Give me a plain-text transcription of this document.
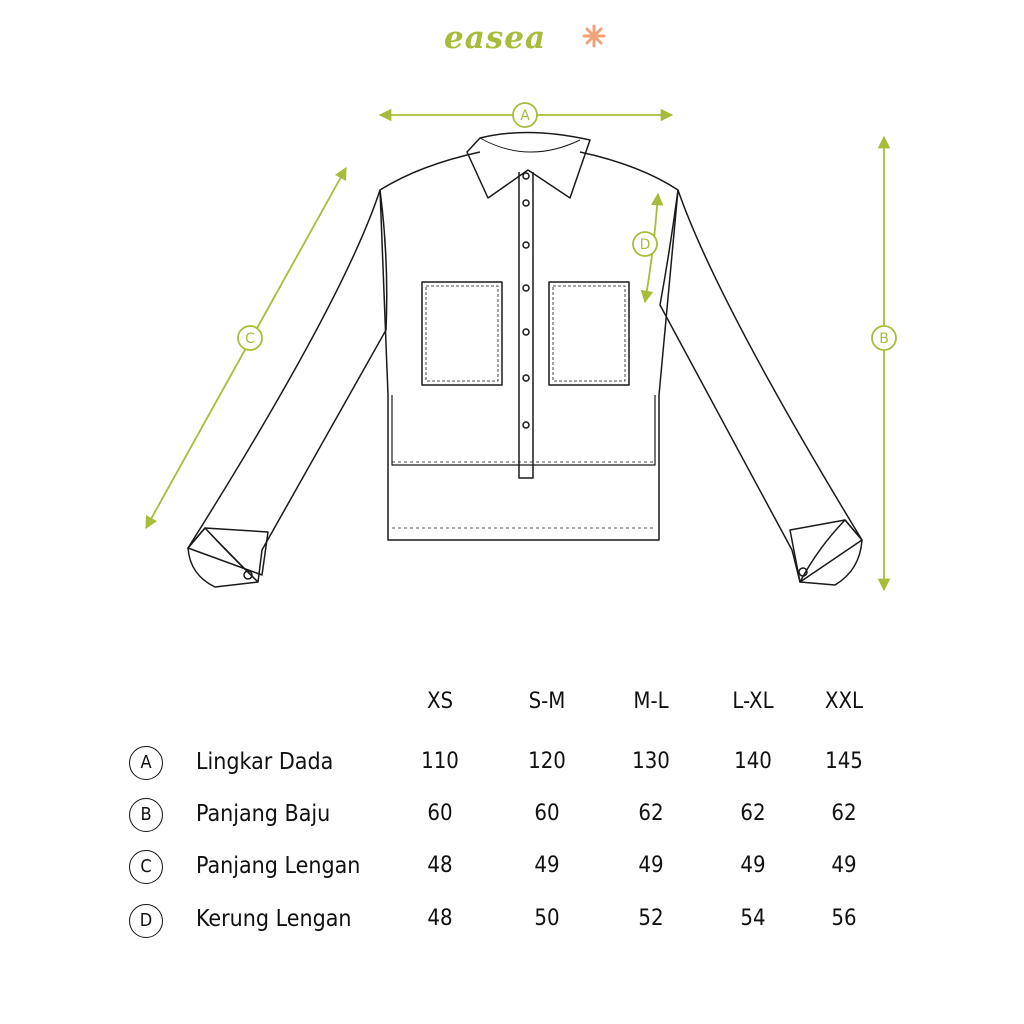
easea
A
B
C
D
XS	S-M	M-L	L-XL	XXL
A	Lingkar Dada	110	120	130	140	145
B	Panjang Baju	60	60	62	62	62
C	Panjang Lengan	48	49	49	49	49
D	Kerung Lengan	48	50	52	54	56
